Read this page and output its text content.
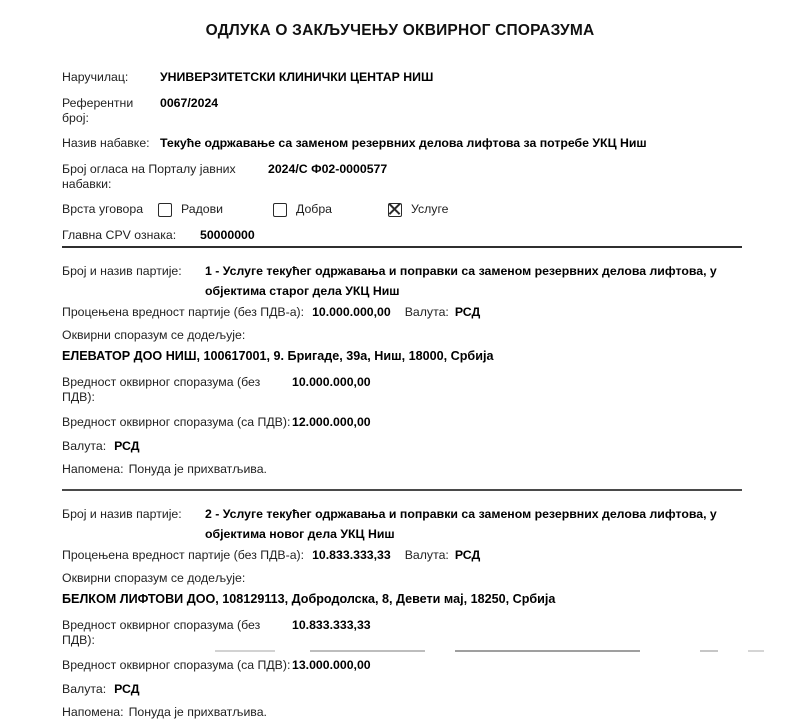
ОДЛУКА О ЗАКЉУЧЕЊУ ОКВИРНОГ СПОРАЗУМА
Наручилац:	УНИВЕРЗИТЕТСКИ КЛИНИЧКИ ЦЕНТАР НИШ
Референтни број:
0067/2024
Назив набавке: Текуће одржавање са заменом резервних делова лифтова за потребе УКЦ Ниш
Број огласа на Порталу јавних набавки:
2024/С Ф02-0000577
Врста уговора	Радови	Добра	Услуге
Главна CPV ознака:	50000000
Број и назив партије:	1 - Услуге текућег одржавања и поправки са заменом резервних делова лифтова, у објектима старог дела УКЦ Ниш
Процењена вредност партије (без ПДВ-а): 10.000.000,00 Валута: РСД
Оквирни споразум се додељује:
ЕЛЕВАТОР ДОО НИШ, 100617001, 9. Бригаде, 39а, Ниш, 18000, Србија
Вредност оквирног споразума (без ПДВ):
10.000.000,00
Вредност оквирног споразума (са ПДВ): 12.000.000,00
Валута: РСД
Напомена: Понуда је прихватљива.
Број и назив партије:	2 - Услуге текућег одржавања и поправки са заменом резервних делова лифтова, у објектима новог дела УКЦ Ниш
Процењена вредност партије (без ПДВ-а): 10.833.333,33 Валута: РСД
Оквирни споразум се додељује:
БЕЛКОМ ЛИФТОВИ ДОО, 108129113, Добродолска, 8, Девети мај, 18250, Србија
Вредност оквирног споразума (без ПДВ):
10.833.333,33
Вредност оквирног споразума (са ПДВ): 13.000.000,00
Валута: РСД
Напомена: Понуда је прихватљива.
